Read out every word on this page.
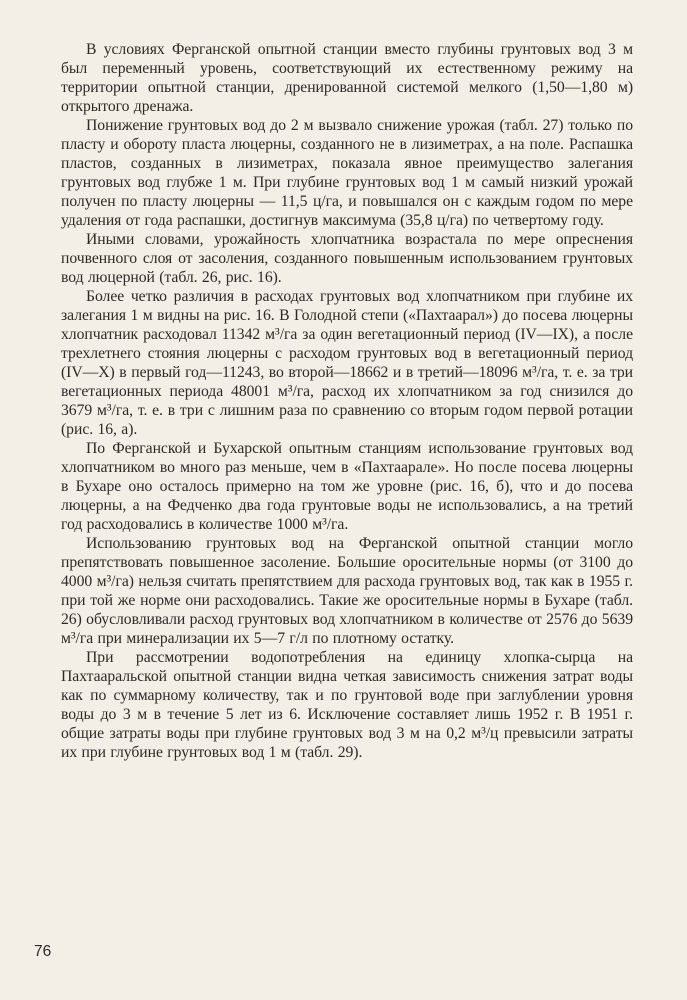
В условиях Ферганской опытной станции вместо глубины грунтовых вод 3 м был переменный уровень, соответствующий их естественному режиму на территории опытной станции, дренированной системой мелкого (1,50—1,80 м) открытого дренажа.

Понижение грунтовых вод до 2 м вызвало снижение урожая (табл. 27) только по пласту и обороту пласта люцерны, созданного не в лизиметрах, а на поле. Распашка пластов, созданных в лизиметрах, показала явное преимущество залегания грунтовых вод глубже 1 м. При глубине грунтовых вод 1 м самый низкий урожай получен по пласту люцерны — 11,5 ц/га, и повышался он с каждым годом по мере удаления от года распашки, достигнув максимума (35,8 ц/га) по четвертому году.

Иными словами, урожайность хлопчатника возрастала по мере опреснения почвенного слоя от засоления, созданного повышенным использованием грунтовых вод люцерной (табл. 26, рис. 16).

Более четко различия в расходах грунтовых вод хлопчатником при глубине их залегания 1 м видны на рис. 16. В Голодной степи («Пахтаарал») до посева люцерны хлопчатник расходовал 11342 м³/га за один вегетационный период (IV—IX), а после трехлетнего стояния люцерны с расходом грунтовых вод в вегетационный период (IV—X) в первый год—11243, во второй—18662 и в третий—18096 м³/га, т. е. за три вегетационных периода 48001 м³/га, расход их хлопчатником за год снизился до 3679 м³/га, т. е. в три с лишним раза по сравнению со вторым годом первой ротации (рис. 16, а).

По Ферганской и Бухарской опытным станциям использование грунтовых вод хлопчатником во много раз меньше, чем в «Пахтаарале». Но после посева люцерны в Бухаре оно осталось примерно на том же уровне (рис. 16, б), что и до посева люцерны, а на Федченко два года грунтовые воды не использовались, а на третий год расходовались в количестве 1000 м³/га.

Использованию грунтовых вод на Ферганской опытной станции могло препятствовать повышенное засоление. Большие оросительные нормы (от 3100 до 4000 м³/га) нельзя считать препятствием для расхода грунтовых вод, так как в 1955 г. при той же норме они расходовались. Такие же оросительные нормы в Бухаре (табл. 26) обусловливали расход грунтовых вод хлопчатником в количестве от 2576 до 5639 м³/га при минерализации их 5—7 г/л по плотному остатку.

При рассмотрении водопотребления на единицу хлопка-сырца на Пахтааральской опытной станции видна четкая зависимость снижения затрат воды как по суммарному количеству, так и по грунтовой воде при заглублении уровня воды до 3 м в течение 5 лет из 6. Исключение составляет лишь 1952 г. В 1951 г. общие затраты воды при глубине грунтовых вод 3 м на 0,2 м³/ц превысили затраты их при глубине грунтовых вод 1 м (табл. 29).

76
